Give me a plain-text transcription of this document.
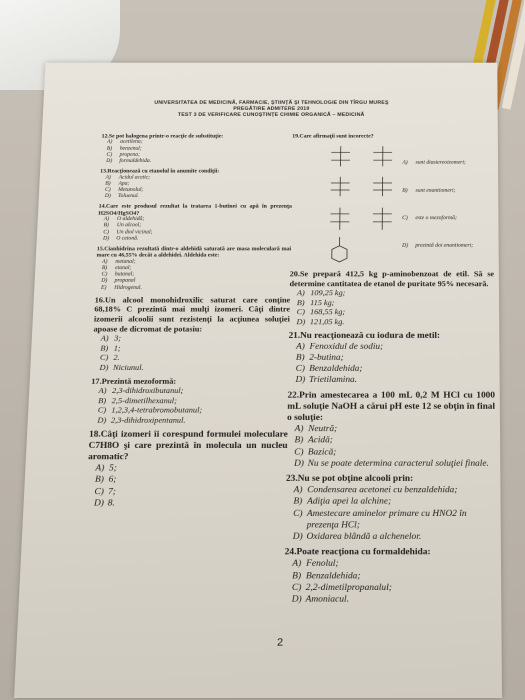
UNIVERSITATEA DE MEDICINĂ, FARMACIE, ŞTIINŢĂ ŞI TEHNOLOGIE DIN TÎRGU MUREŞ
PREGĂTIRE ADMITERE 2019
TEST 3 DE VERIFICARE CUNOŞTINŢE CHIMIE ORGANICĂ – MEDICINĂ
12.Se pot halogena printr-o reacţie de substituţie:
A)	acetilena;
B)	benzenul;
C)	propena;
D)	formaldehida.
13.Reacţionează cu etanolul în anumite condiţii:
A)	Acidul acetic;
B)	Apa;
C)	Metanolul;
D)	Toluenul.
14.Care este produsul rezultat la tratarea 1-butinei cu apă în prezenţa H2SO4/HgSO4?
A)	O aldehidă;
B)	Un alcool;
C)	Un diol vicinal;
D)	O cetonă.
15.Cianhidrina rezultată dintr-o aldehidă saturată are masa moleculară mai mare cu 46,55% decât a aldehidei. Aldehida este:
A)	metanal;
B)	etanal;
C)	butanal;
D)	propanal
E)	Hidrogenul.
16.Un alcool monohidroxilic saturat care conţine 68,18% C prezintă mai mulţi izomeri. Câţi dintre izomerii alcoolii sunt rezistenţi la acţiunea soluţiei apoase de dicromat de potasiu:
A) 3;
B) 1;
C) 2.
D) Niciunul.
17.Prezintă mezoformă:
A) 2,3-dihidroxibutanul;
B) 2,5-dimetilhexanul;
C) 1,2,3,4-tetrabromobutanul;
D) 2,3-dihidroxipentanul.
18.Câţi izomeri îi corespund formulei moleculare C7H8O şi care prezintă în molecula un nucleu aromatic?
A) 5;
B) 6;
C) 7;
D) 8.
19.Care afirmaţii sunt incorecte?
A)	sunt diastereoizomeri;
B)	sunt enantiomeri;
C)	este o mezoformă;
D)	prezintă doi enantiomeri;
20.Se prepară 412,5 kg p-aminobenzoat de etil. Să se determine cantitatea de etanol de puritate 95% necesară.
A) 109,25 kg;
B) 115 kg;
C) 168,55 kg;
D) 121,05 kg.
21.Nu reacţionează cu iodura de metil:
A) Fenoxidul de sodiu;
B) 2-butina;
C) Benzaldehida;
D) Trietilamina.
22.Prin amestecarea a 100 mL 0,2 M HCl cu 1000 mL soluţie NaOH a cărui pH este 12 se obţin în final o soluţie:
A) Neutră;
B) Acidă;
C) Bazică;
D) Nu se poate determina caracterul soluţiei finale.
23.Nu se pot obţine alcooli prin:
A) Condensarea acetonei cu benzaldehida;
B) Adiţia apei la alchine;
C) Amestecare aminelor primare cu HNO2 în prezenţa HCl;
D) Oxidarea blândă a alchenelor.
24.Poate reacţiona cu formaldehida:
A) Fenolul;
B) Benzaldehida;
C) 2,2-dimetilpropanalul;
D) Amoniacul.
2
